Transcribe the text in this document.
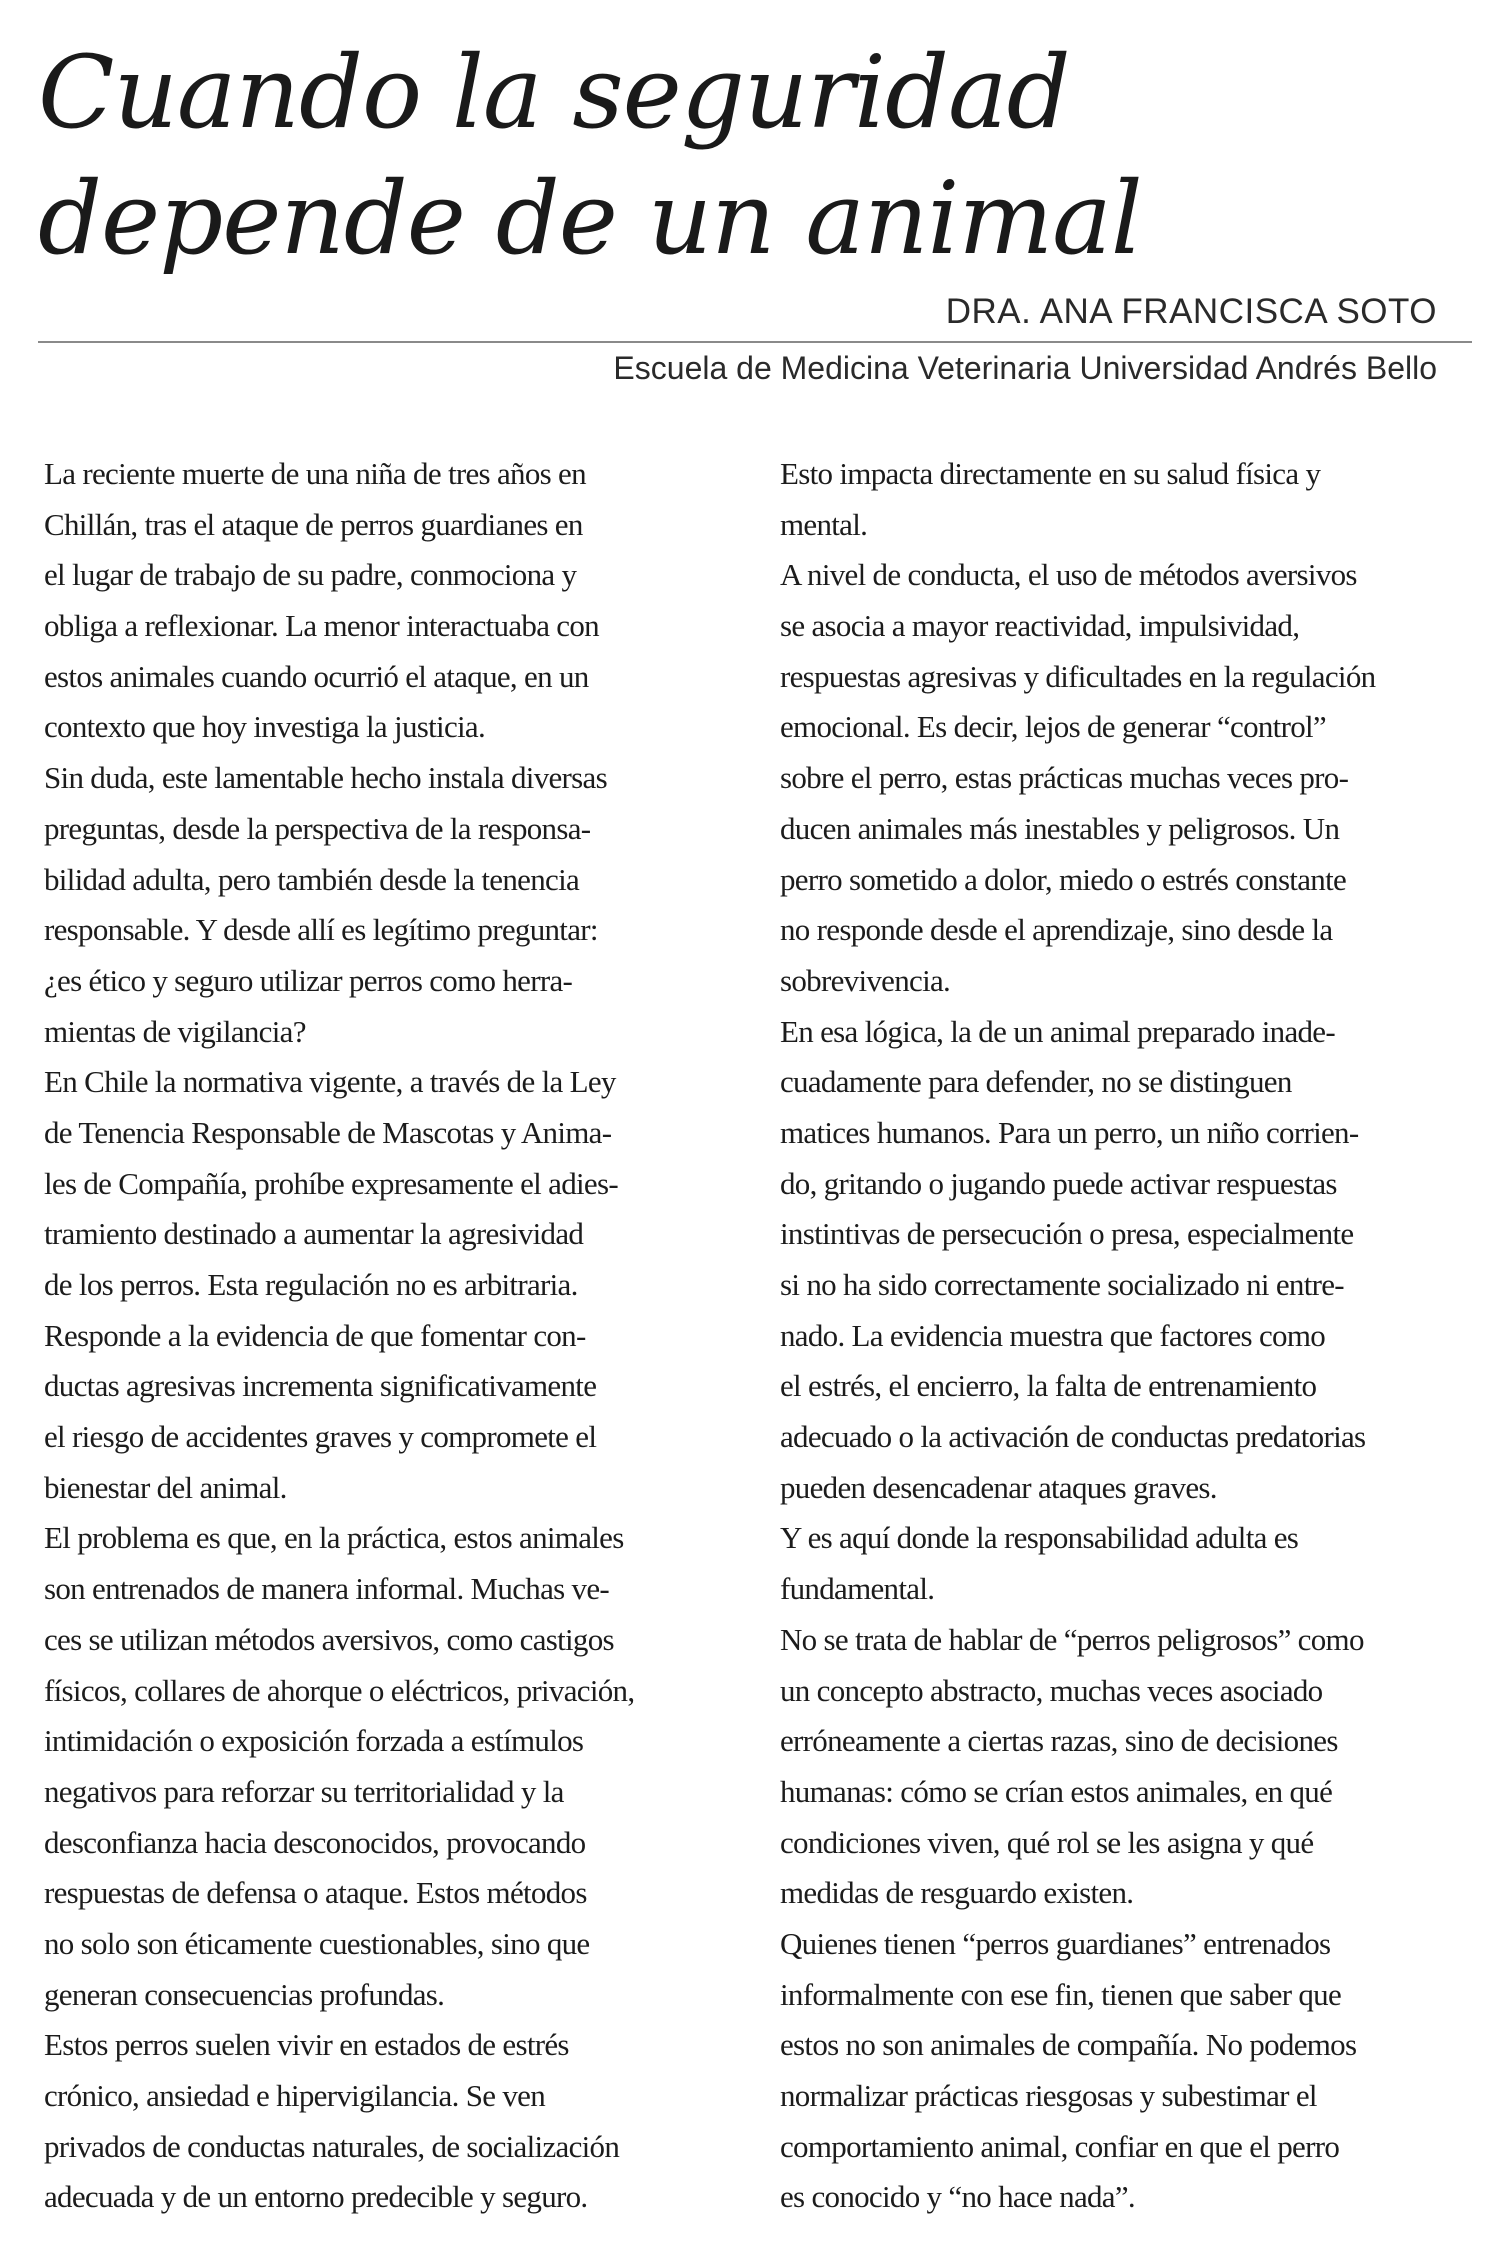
Cuando la seguridad
depende de un animal
DRA. ANA FRANCISCA SOTO
Escuela de Medicina Veterinaria Universidad Andrés Bello
La reciente muerte de una niña de tres años en
Chillán, tras el ataque de perros guardianes en
el lugar de trabajo de su padre, conmociona y
obliga a reflexionar. La menor interactuaba con
estos animales cuando ocurrió el ataque, en un
contexto que hoy investiga la justicia.
Sin duda, este lamentable hecho instala diversas
preguntas, desde la perspectiva de la responsa-
bilidad adulta, pero también desde la tenencia
responsable. Y desde allí es legítimo preguntar:
¿es ético y seguro utilizar perros como herra-
mientas de vigilancia?
En Chile la normativa vigente, a través de la Ley
de Tenencia Responsable de Mascotas y Anima-
les de Compañía, prohíbe expresamente el adies-
tramiento destinado a aumentar la agresividad
de los perros. Esta regulación no es arbitraria.
Responde a la evidencia de que fomentar con-
ductas agresivas incrementa significativamente
el riesgo de accidentes graves y compromete el
bienestar del animal.
El problema es que, en la práctica, estos animales
son entrenados de manera informal. Muchas ve-
ces se utilizan métodos aversivos, como castigos
físicos, collares de ahorque o eléctricos, privación,
intimidación o exposición forzada a estímulos
negativos para reforzar su territorialidad y la
desconfianza hacia desconocidos, provocando
respuestas de defensa o ataque. Estos métodos
no solo son éticamente cuestionables, sino que
generan consecuencias profundas.
Estos perros suelen vivir en estados de estrés
crónico, ansiedad e hipervigilancia. Se ven
privados de conductas naturales, de socialización
adecuada y de un entorno predecible y seguro.
Esto impacta directamente en su salud física y
mental.
A nivel de conducta, el uso de métodos aversivos
se asocia a mayor reactividad, impulsividad,
respuestas agresivas y dificultades en la regulación
emocional. Es decir, lejos de generar “control”
sobre el perro, estas prácticas muchas veces pro-
ducen animales más inestables y peligrosos. Un
perro sometido a dolor, miedo o estrés constante
no responde desde el aprendizaje, sino desde la
sobrevivencia.
En esa lógica, la de un animal preparado inade-
cuadamente para defender, no se distinguen
matices humanos. Para un perro, un niño corrien-
do, gritando o jugando puede activar respuestas
instintivas de persecución o presa, especialmente
si no ha sido correctamente socializado ni entre-
nado. La evidencia muestra que factores como
el estrés, el encierro, la falta de entrenamiento
adecuado o la activación de conductas predatorias
pueden desencadenar ataques graves.
Y es aquí donde la responsabilidad adulta es
fundamental.
No se trata de hablar de “perros peligrosos” como
un concepto abstracto, muchas veces asociado
erróneamente a ciertas razas, sino de decisiones
humanas: cómo se crían estos animales, en qué
condiciones viven, qué rol se les asigna y qué
medidas de resguardo existen.
Quienes tienen “perros guardianes” entrenados
informalmente con ese fin, tienen que saber que
estos no son animales de compañía. No podemos
normalizar prácticas riesgosas y subestimar el
comportamiento animal, confiar en que el perro
es conocido y “no hace nada”.
